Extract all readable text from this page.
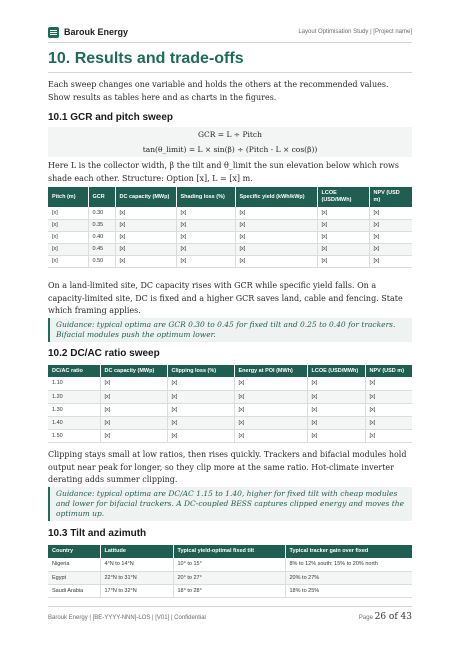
Barouk Energy	Layout Optimisation Study | [Project name]
10. Results and trade-offs
Each sweep changes one variable and holds the others at the recommended values. Show results as tables here and as charts in the figures.
10.1 GCR and pitch sweep
GCR = L ÷ Pitch
tan(θ_limit) = L × sin(β) ÷ (Pitch - L × cos(β))
Here L is the collector width, β the tilt and θ_limit the sun elevation below which rows shade each other. Structure: Option [x], L = [x] m.
Pitch (m)	GCR	DC capacity (MWp)	Shading loss (%)	Specific yield (kWh/kWp)	LCOE (USD/MWh)	NPV (USD m)
[x]	0.30	[x]	[x]	[x]	[x]	[x]
[x]	0.35	[x]	[x]	[x]	[x]	[x]
[x]	0.40	[x]	[x]	[x]	[x]	[x]
[x]	0.45	[x]	[x]	[x]	[x]	[x]
[x]	0.50	[x]	[x]	[x]	[x]	[x]
On a land-limited site, DC capacity rises with GCR while specific yield falls. On a capacity-limited site, DC is fixed and a higher GCR saves land, cable and fencing. State which framing applies.
Guidance: typical optima are GCR 0.30 to 0.45 for fixed tilt and 0.25 to 0.40 for trackers. Bifacial modules push the optimum lower.
10.2 DC/AC ratio sweep
DC/AC ratio	DC capacity (MWp)	Clipping loss (%)	Energy at POI (MWh)	LCOE (USD/MWh)	NPV (USD m)
1.10	[x]	[x]	[x]	[x]	[x]
1.20	[x]	[x]	[x]	[x]	[x]
1.30	[x]	[x]	[x]	[x]	[x]
1.40	[x]	[x]	[x]	[x]	[x]
1.50	[x]	[x]	[x]	[x]	[x]
Clipping stays small at low ratios, then rises quickly. Trackers and bifacial modules hold output near peak for longer, so they clip more at the same ratio. Hot-climate inverter derating adds summer clipping.
Guidance: typical optima are DC/AC 1.15 to 1.40, higher for fixed tilt with cheap modules and lower for bifacial trackers. A DC-coupled BESS captures clipped energy and moves the optimum up.
10.3 Tilt and azimuth
Country	Latitude	Typical yield-optimal fixed tilt	Typical tracker gain over fixed
Nigeria	4°N to 14°N	10° to 15°	8% to 12% south; 15% to 20% north
Egypt	22°N to 31°N	20° to 27°	20% to 27%
Saudi Arabia	17°N to 32°N	18° to 28°	18% to 25%
Barouk Energy | [BE-YYYY-NNN]-LOS | [V01] | Confidential	Page 26 of 43
